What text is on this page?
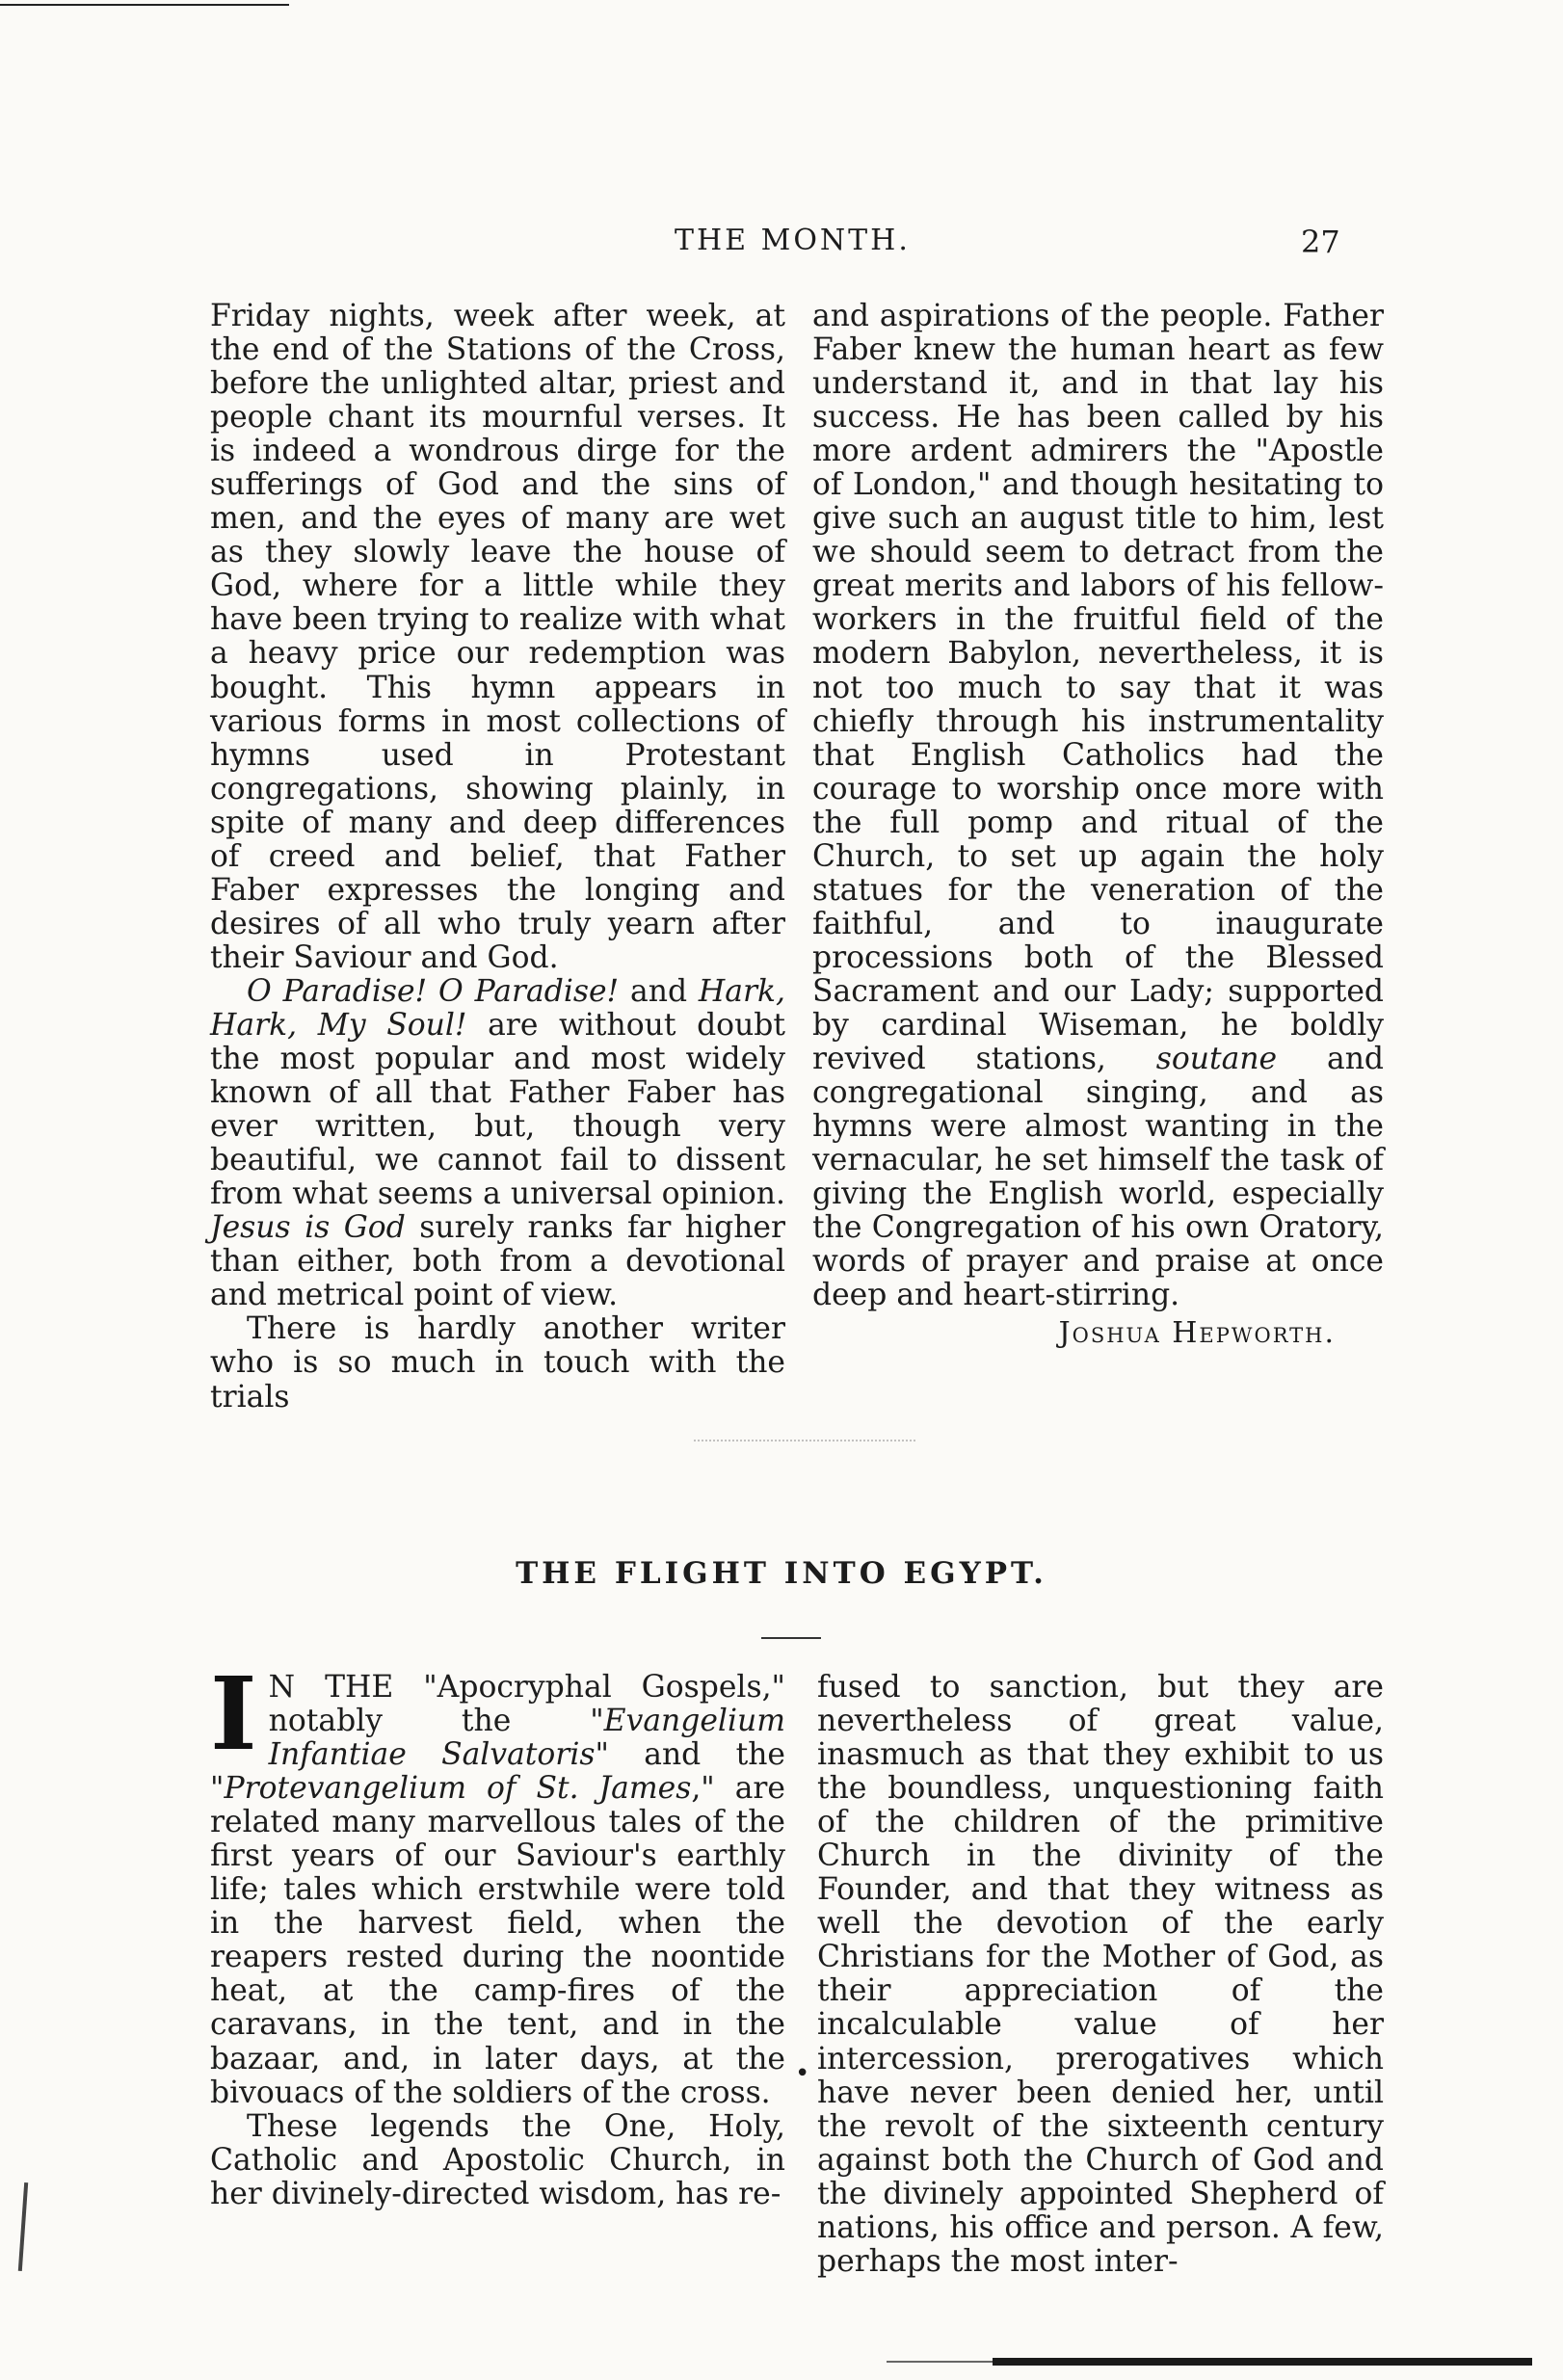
THE MONTH.	27

Friday nights, week after week, at the end of the Stations of the Cross, before the unlighted altar, priest and people chant its mournful verses. It is indeed a wondrous dirge for the sufferings of God and the sins of men, and the eyes of many are wet as they slowly leave the house of God, where for a little while they have been trying to realize with what a heavy price our redemption was bought. This hymn appears in various forms in most collections of hymns used in Protestant congregations, showing plainly, in spite of many and deep differences of creed and belief, that Father Faber expresses the longing and desires of all who truly yearn after their Saviour and God.

O Paradise! O Paradise! and Hark, Hark, My Soul! are without doubt the most popular and most widely known of all that Father Faber has ever written, but, though very beautiful, we cannot fail to dissent from what seems a universal opinion. Jesus is God surely ranks far higher than either, both from a devotional and metrical point of view.

There is hardly another writer who is so much in touch with the trials

and aspirations of the people. Father Faber knew the human heart as few understand it, and in that lay his success. He has been called by his more ardent admirers the "Apostle of London," and though hesitating to give such an august title to him, lest we should seem to detract from the great merits and labors of his fellow-workers in the fruitful field of the modern Babylon, nevertheless, it is not too much to say that it was chiefly through his instrumentality that English Catholics had the courage to worship once more with the full pomp and ritual of the Church, to set up again the holy statues for the veneration of the faithful, and to inaugurate processions both of the Blessed Sacrament and our Lady; supported by cardinal Wiseman, he boldly revived stations, soutane and congregational singing, and as hymns were almost wanting in the vernacular, he set himself the task of giving the English world, especially the Congregation of his own Oratory, words of prayer and praise at once deep and heart-stirring.

Joshua Hepworth.

THE FLIGHT INTO EGYPT.

I N THE "Apocryphal Gospels," notably the "Evangelium Infantiae Salvatoris" and the "Protevangelium of St. James," are related many marvellous tales of the first years of our Saviour's earthly life; tales which erstwhile were told in the harvest field, when the reapers rested during the noontide heat, at the camp-fires of the caravans, in the tent, and in the bazaar, and, in later days, at the bivouacs of the soldiers of the cross.

These legends the One, Holy, Catholic and Apostolic Church, in her divinely-directed wisdom, has re-

fused to sanction, but they are nevertheless of great value, inasmuch as that they exhibit to us the boundless, unquestioning faith of the children of the primitive Church in the divinity of the Founder, and that they witness as well the devotion of the early Christians for the Mother of God, as their appreciation of the incalculable value of her intercession, prerogatives which have never been denied her, until the revolt of the sixteenth century against both the Church of God and the divinely appointed Shepherd of nations, his office and person. A few, perhaps the most inter-

•
